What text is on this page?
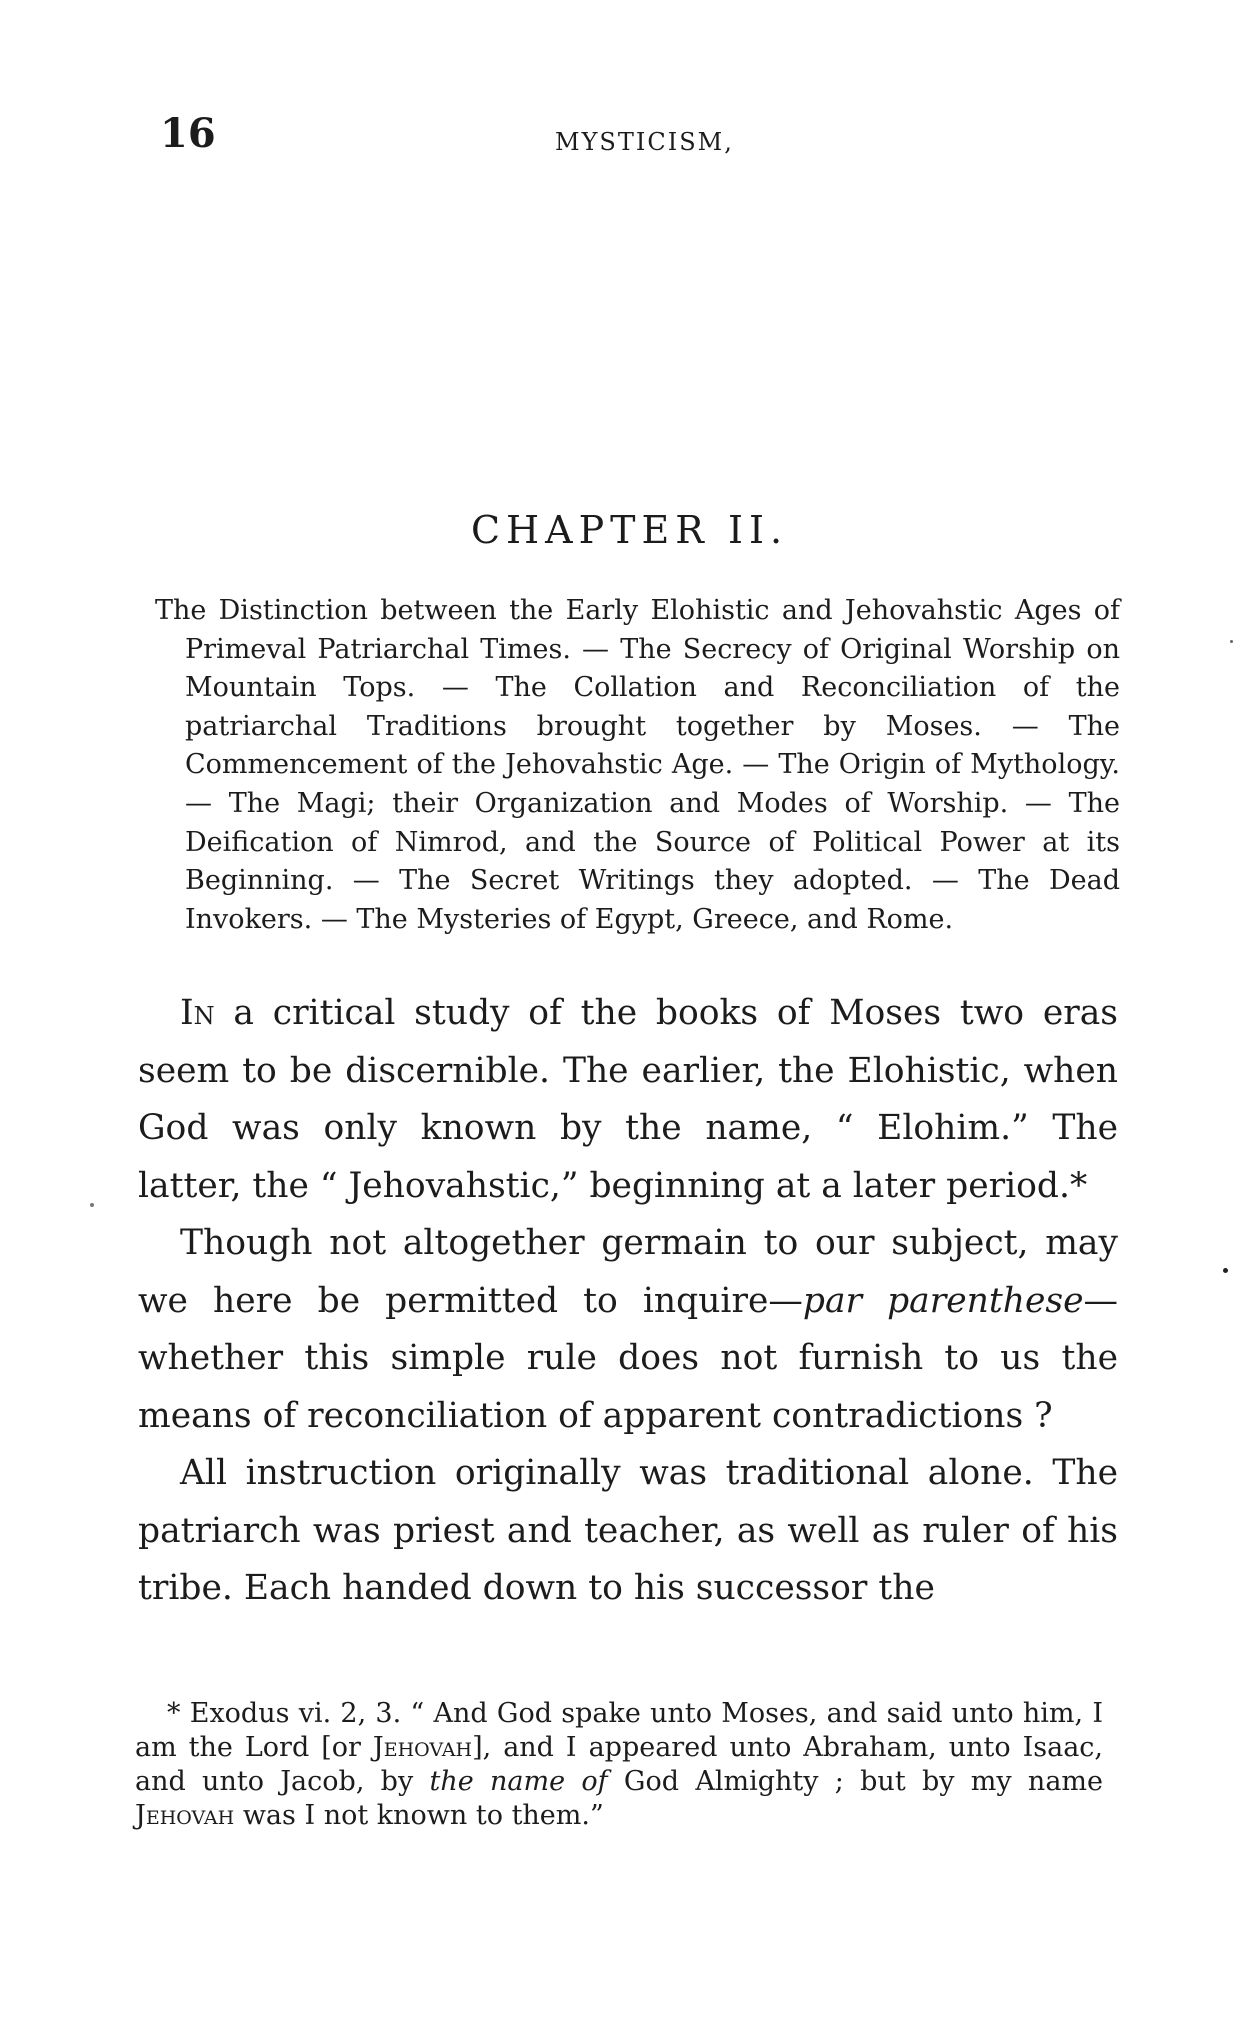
16	MYSTICISM,
CHAPTER II.
The Distinction between the Early Elohistic and Jehovahstic Ages of Primeval Patriarchal Times. — The Secrecy of Original Worship on Mountain Tops. — The Collation and Reconciliation of the patriarchal Traditions brought together by Moses. — The Commencement of the Jehovahstic Age. — The Origin of Mythology. — The Magi; their Organization and Modes of Worship. — The Deification of Nimrod, and the Source of Political Power at its Beginning. — The Secret Writings they adopted. — The Dead Invokers. — The Mysteries of Egypt, Greece, and Rome.

In a critical study of the books of Moses two eras seem to be discernible. The earlier, the Elohistic, when God was only known by the name, “ Elohim.” The latter, the “ Jehovahstic,” beginning at a later period.*

Though not altogether germain to our subject, may we here be permitted to inquire—par parenthese— whether this simple rule does not furnish to us the means of reconciliation of apparent contradictions ?

All instruction originally was traditional alone. The patriarch was priest and teacher, as well as ruler of his tribe. Each handed down to his successor the

* Exodus vi. 2, 3. “ And God spake unto Moses, and said unto him, I am the Lord [or Jehovah], and I appeared unto Abraham, unto Isaac, and unto Jacob, by the name of God Almighty ; but by my name Jehovah was I not known to them.”
